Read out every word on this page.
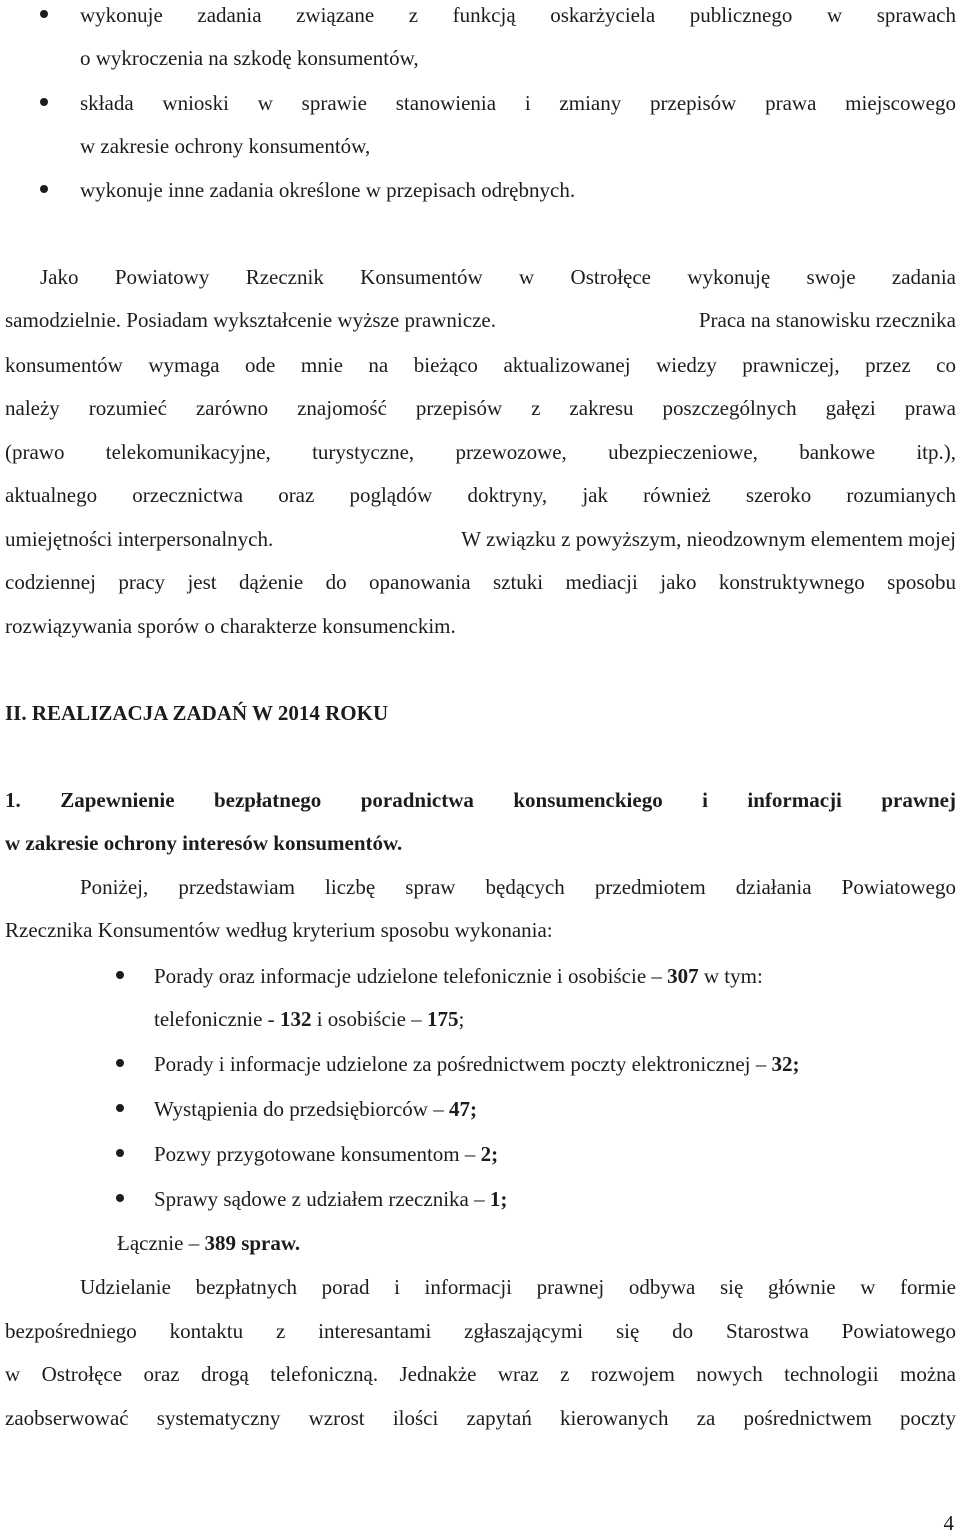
wykonuje zadania związane z funkcją oskarżyciela publicznego w sprawach
o wykroczenia na szkodę konsumentów,
składa wnioski w sprawie stanowienia i zmiany przepisów prawa miejscowego
w zakresie ochrony konsumentów,
wykonuje inne zadania określone w przepisach odrębnych.
Jako Powiatowy Rzecznik Konsumentów w Ostrołęce wykonuję swoje zadania
samodzielnie. Posiadam wykształcenie wyższe prawnicze.	Praca na stanowisku rzecznika
konsumentów wymaga ode mnie na bieżąco aktualizowanej wiedzy prawniczej, przez co
należy rozumieć zarówno znajomość przepisów z zakresu poszczególnych gałęzi prawa
(prawo telekomunikacyjne, turystyczne, przewozowe, ubezpieczeniowe, bankowe itp.),
aktualnego orzecznictwa oraz poglądów doktryny, jak również szeroko rozumianych
umiejętności interpersonalnych.	W związku z powyższym, nieodzownym elementem mojej
codziennej pracy jest dążenie do opanowania sztuki mediacji jako konstruktywnego sposobu
rozwiązywania sporów o charakterze konsumenckim.
II. REALIZACJA ZADAŃ W 2014 ROKU
1. Zapewnienie bezpłatnego poradnictwa konsumenckiego i informacji prawnej
w zakresie ochrony interesów konsumentów.
Poniżej, przedstawiam liczbę spraw będących przedmiotem działania Powiatowego
Rzecznika Konsumentów według kryterium sposobu wykonania:
Porady oraz informacje udzielone telefonicznie i osobiście – 307 w tym:
telefonicznie - 132 i osobiście – 175;
Porady i informacje udzielone za pośrednictwem poczty elektronicznej – 32;
Wystąpienia do przedsiębiorców – 47;
Pozwy przygotowane konsumentom – 2;
Sprawy sądowe z udziałem rzecznika – 1;
Łącznie – 389 spraw.
Udzielanie bezpłatnych porad i informacji prawnej odbywa się głównie w formie
bezpośredniego kontaktu z interesantami zgłaszającymi się do Starostwa Powiatowego
w Ostrołęce oraz drogą telefoniczną. Jednakże wraz z rozwojem nowych technologii można
zaobserwować systematyczny wzrost ilości zapytań kierowanych za pośrednictwem poczty
4
